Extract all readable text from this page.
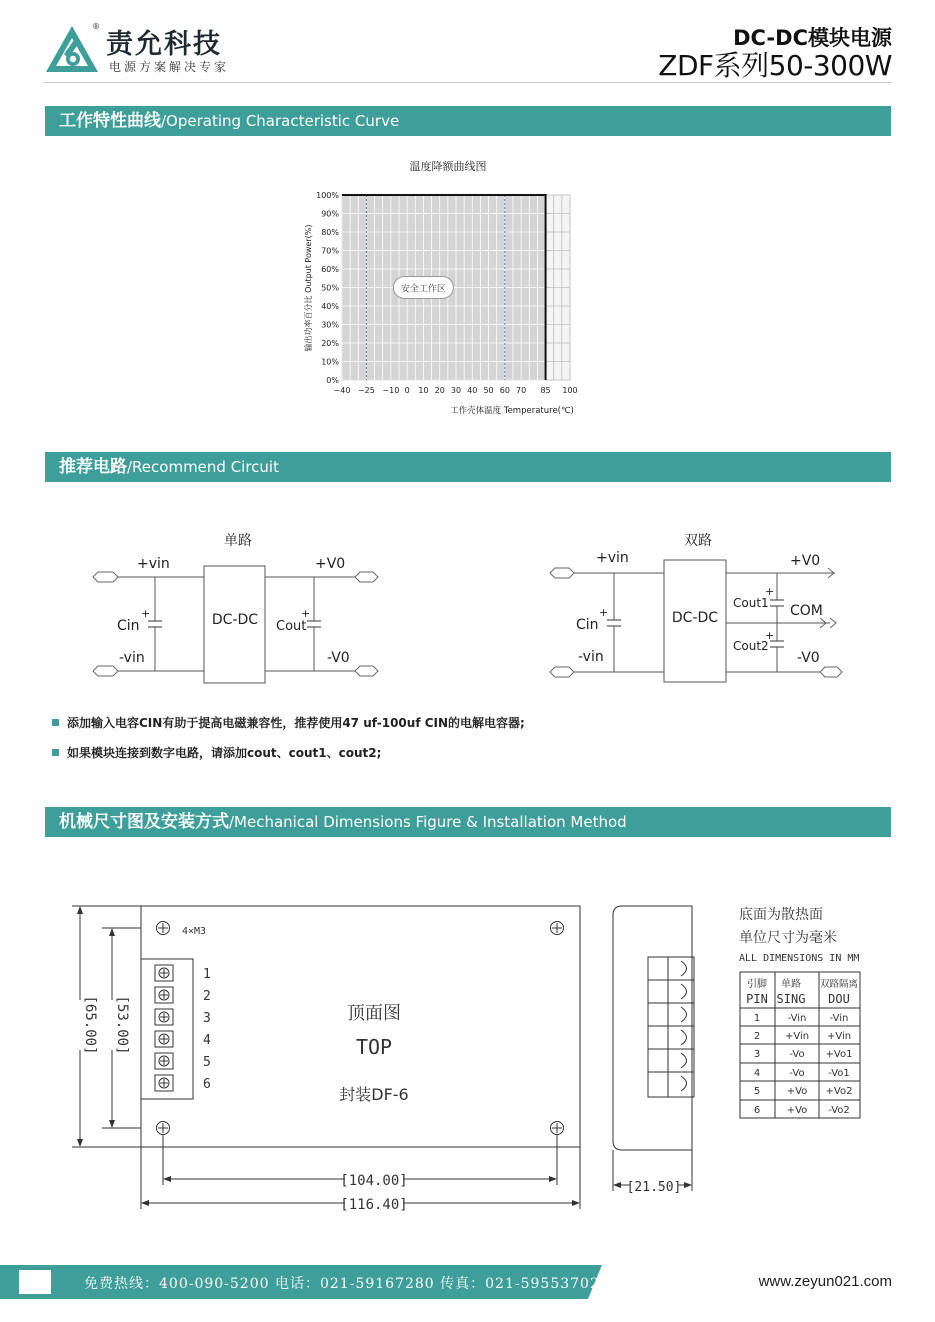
®
责允科技
电源方案解决专家
DC-DC模块电源
ZDF系列50-300W
工作特性曲线/Operating Characteristic Curve
温度降额曲线图
输出功率百分比 Output Power(%)
工作壳体温度 Temperature(℃)
安全工作区
0%
10%
20%
30%
40%
50%
60%
70%
80%
90%
100%
−40 −25 −10 0 10 20 30 40 50 60 70 85 100
推荐电路/Recommend Circuit
单路
+vin
-vin
Cin
+	DC-DC Cout
+
+V0
-V0
双路
+vin
-vin
Cin
+	DC-DC
Cout1
+
Cout2
+
+V0
COM
-V0
添加输入电容CIN有助于提高电磁兼容性，推荐使用47 uf-100uf CIN的电解电容器;
如果模块连接到数字电路，请添加cout、cout1、cout2;
机械尺寸图及安装方式/Mechanical Dimensions Figure & Installation Method
4×M3
1
2
3
4
5
6
顶面图
TOP
封装DF-6
[65.00] [53.00]
[104.00]
[116.40]
[21.50]
底面为散热面
单位尺寸为毫米
ALL DIMENSIONS IN MM
引脚 单路 双路隔离
PIN SING DOU
1	-Vin -Vin
2 +Vin +Vin
3	-Vo +Vo1
4	-Vo -Vo1
5	+Vo +Vo2
6	+Vo -Vo2
免费热线：400-090-5200 电话：021-59167280 传真：021-59553702	www.zeyun021.com
